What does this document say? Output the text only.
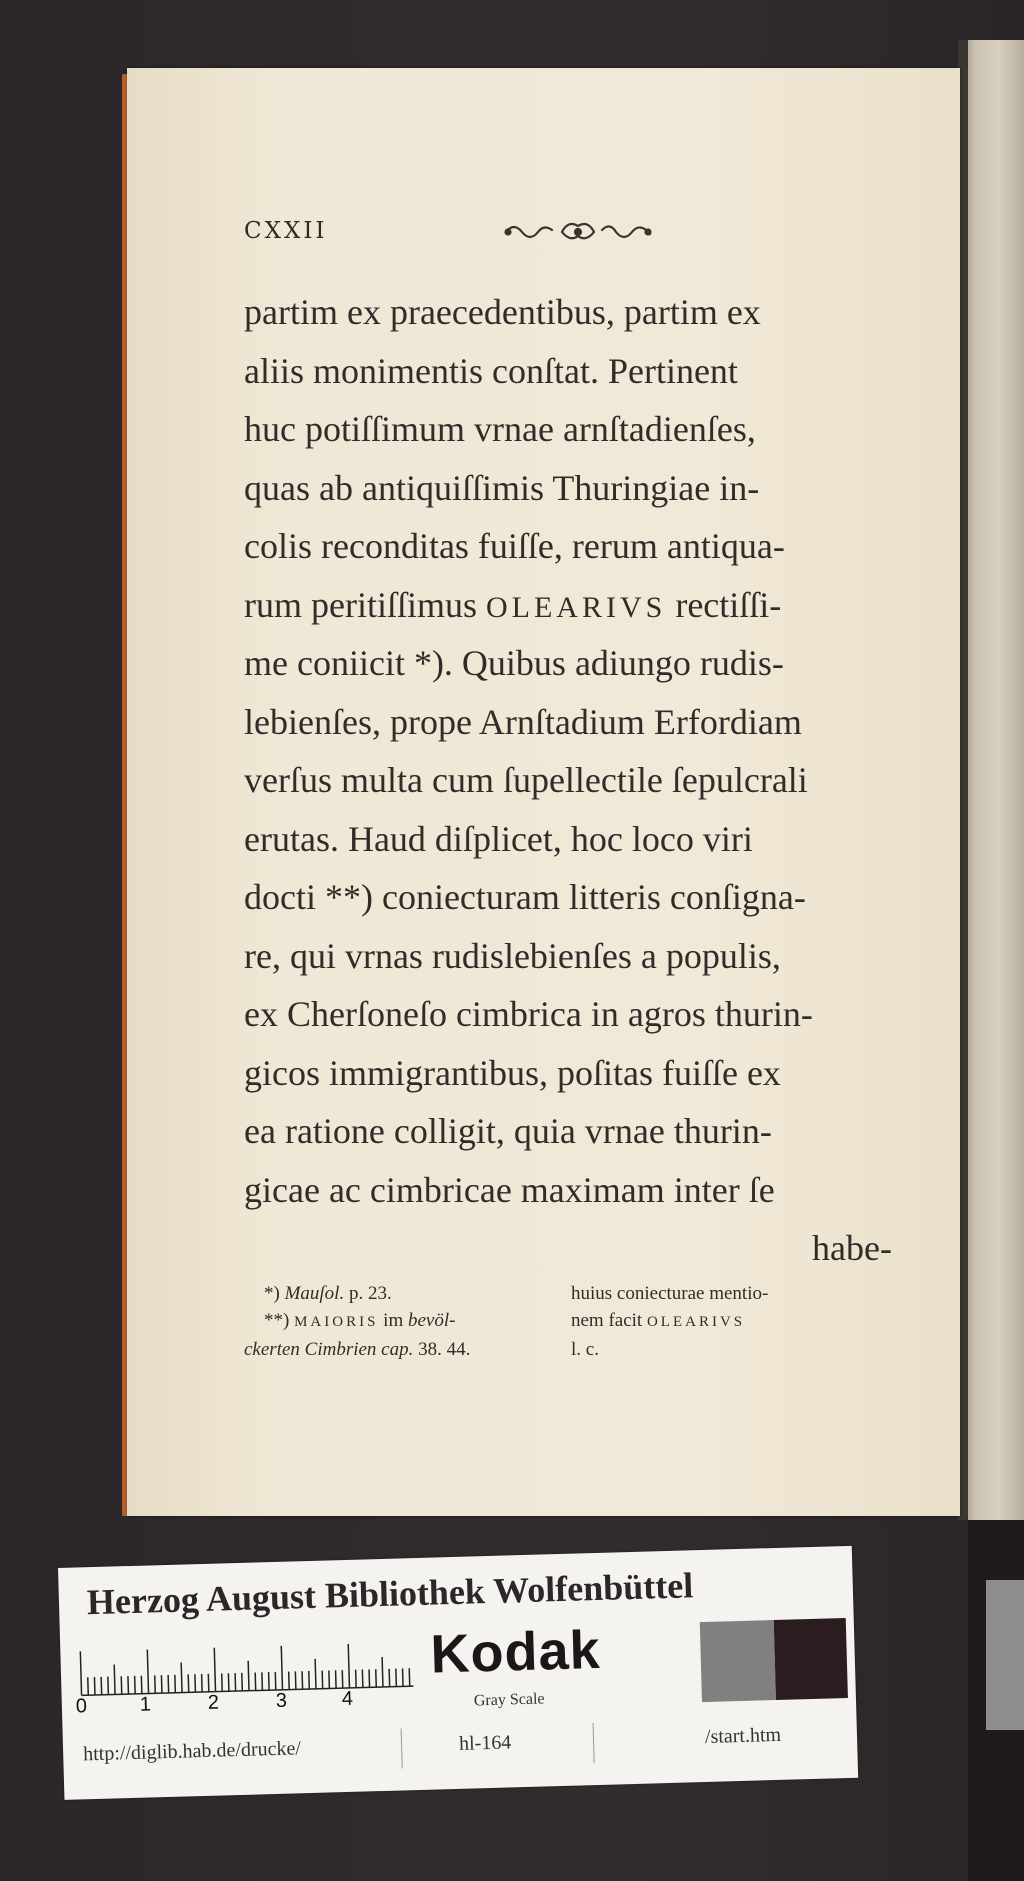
CXXII
partim ex praecedentibus, partim ex
aliis monimentis conſtat. Pertinent
huc potiſſimum vrnae arnſtadienſes,
quas ab antiquiſſimis Thuringiae in-
colis reconditas fuiſſe, rerum antiqua-
rum peritiſſimus OLEARIVS rectiſſi-
me coniicit *). Quibus adiungo rudis-
lebienſes, prope Arnſtadium Erfordiam
verſus multa cum ſupellectile ſepulcrali
erutas. Haud diſplicet, hoc loco viri
docti **) coniecturam litteris conſigna-
re, qui vrnas rudislebienſes a populis,
ex Cherſoneſo cimbrica in agros thurin-
gicos immigrantibus, poſitas fuiſſe ex
ea ratione colligit, quia vrnae thurin-
gicae ac cimbricae maximam inter ſe
habe-
*) Mauſol. p. 23.
**) MAIORIS im bevöl-
ckerten Cimbrien cap. 38. 44.
huius coniecturae mentio-
nem facit OLEARIVS
l. c.
Herzog August Bibliothek Wolfenbüttel
0	1	2	3	4
Kodak
Gray Scale
http://diglib.hab.de/drucke/	hl-164	/start.htm
